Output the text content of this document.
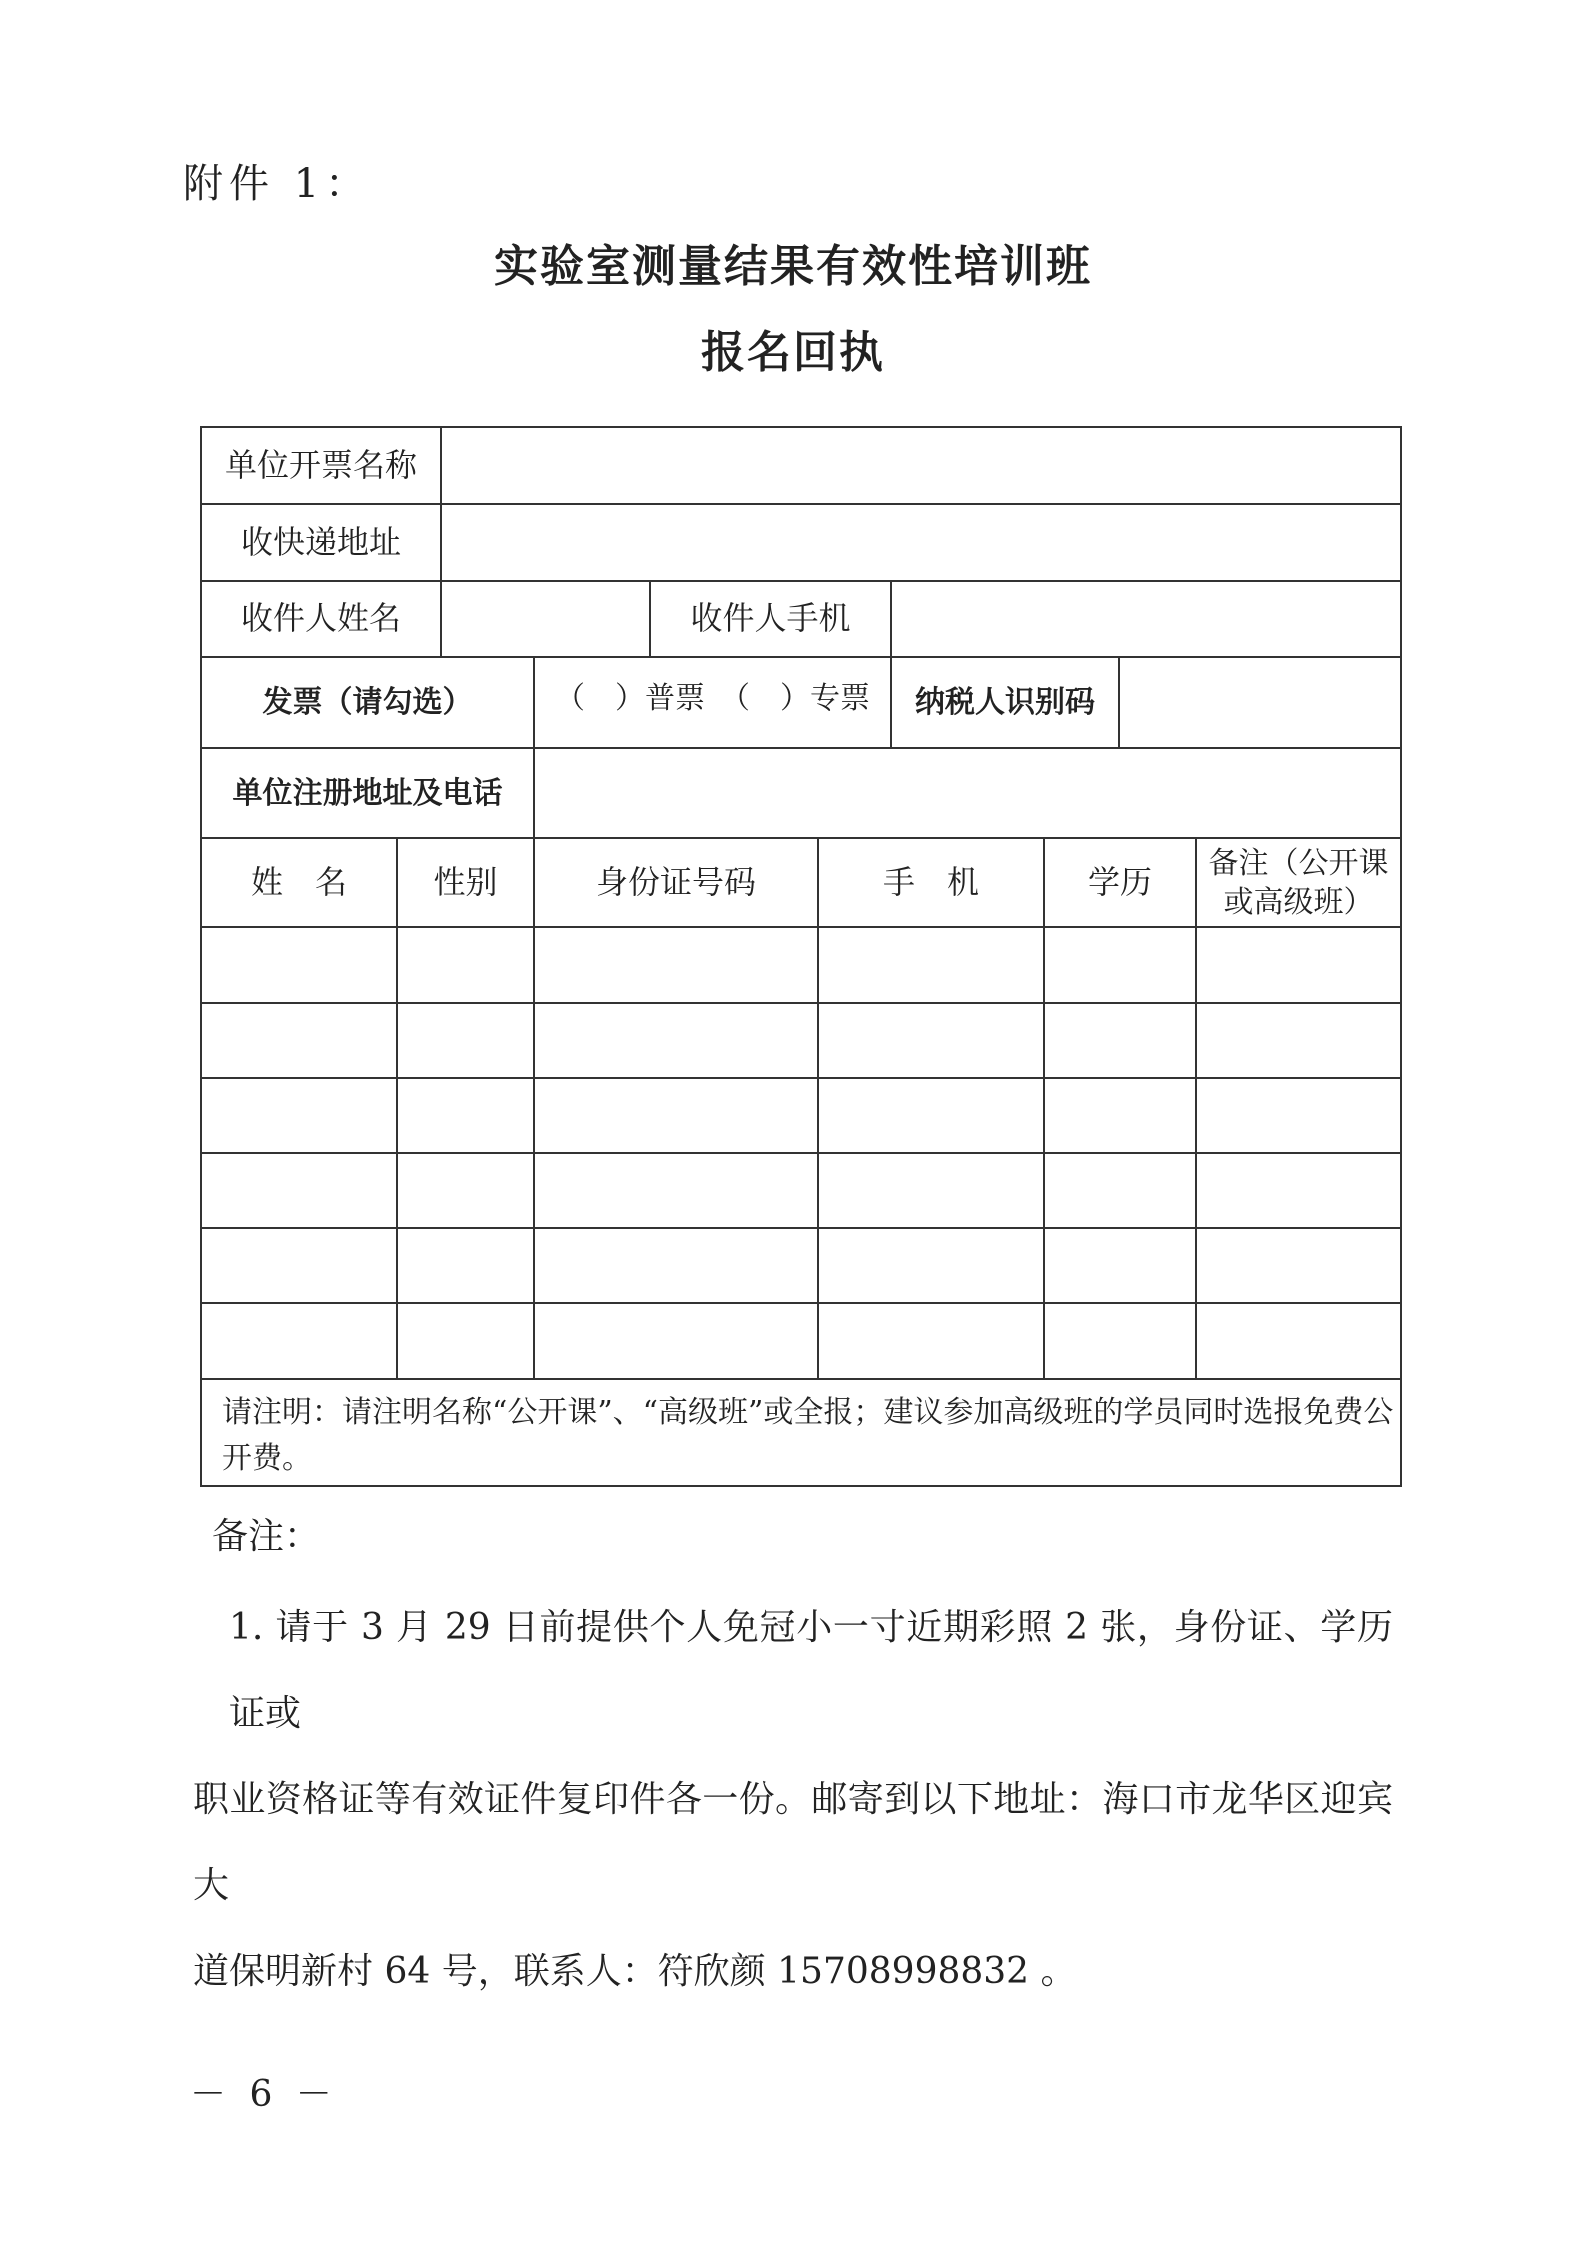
附件 1：
实验室测量结果有效性培训班
报名回执
单位开票名称
收快递地址
收件人姓名	收件人手机
发票（请勾选）	（　）普票　（　）专票	纳税人识别码
单位注册地址及电话
姓　名	性别	身份证号码	手　机	学历	备注（公开课或高级班）
请注明：请注明名称“公开课”、“高级班”或全报；建议参加高级班的学员同时选报免费公开费。
备注：
1. 请于 3 月 29 日前提供个人免冠小一寸近期彩照 2 张，身份证、学历证或
职业资格证等有效证件复印件各一份。邮寄到以下地址：海口市龙华区迎宾大
道保明新村 64 号，联系人：符欣颜 15708998832 。
－ 6 －
